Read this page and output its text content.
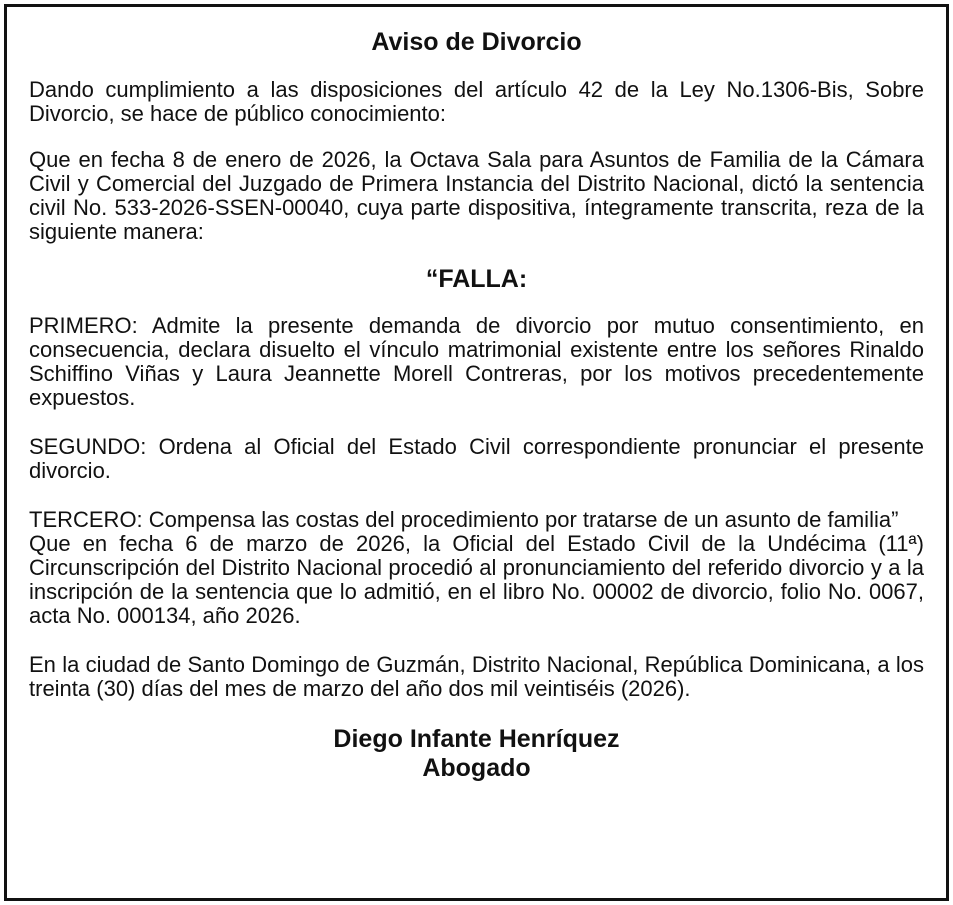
Aviso de Divorcio

Dando cumplimiento a las disposiciones del artículo 42 de la Ley No.1306-Bis, Sobre Divorcio, se hace de público conocimiento:

Que en fecha 8 de enero de 2026, la Octava Sala para Asuntos de Familia de la Cámara Civil y Comercial del Juzgado de Primera Instancia del Distrito Nacional, dictó la sentencia civil No. 533-2026-SSEN-00040, cuya parte dispositiva, íntegramente transcrita, reza de la siguiente manera:

“FALLA:

PRIMERO: Admite la presente demanda de divorcio por mutuo consentimiento, en consecuencia, declara disuelto el vínculo matrimonial existente entre los señores Rinaldo Schiffino Viñas y Laura Jeannette Morell Contreras, por los motivos precedentemente expuestos.

SEGUNDO: Ordena al Oficial del Estado Civil correspondiente pronunciar el presente divorcio.

TERCERO: Compensa las costas del procedimiento por tratarse de un asunto de familia”
Que en fecha 6 de marzo de 2026, la Oficial del Estado Civil de la Undécima (11ª) Circunscripción del Distrito Nacional procedió al pronunciamiento del referido divorcio y a la inscripción de la sentencia que lo admitió, en el libro No. 00002 de divorcio, folio No. 0067, acta No. 000134, año 2026.

En la ciudad de Santo Domingo de Guzmán, Distrito Nacional, República Dominicana, a los treinta (30) días del mes de marzo del año dos mil veintiséis (2026).

Diego Infante Henríquez
Abogado
